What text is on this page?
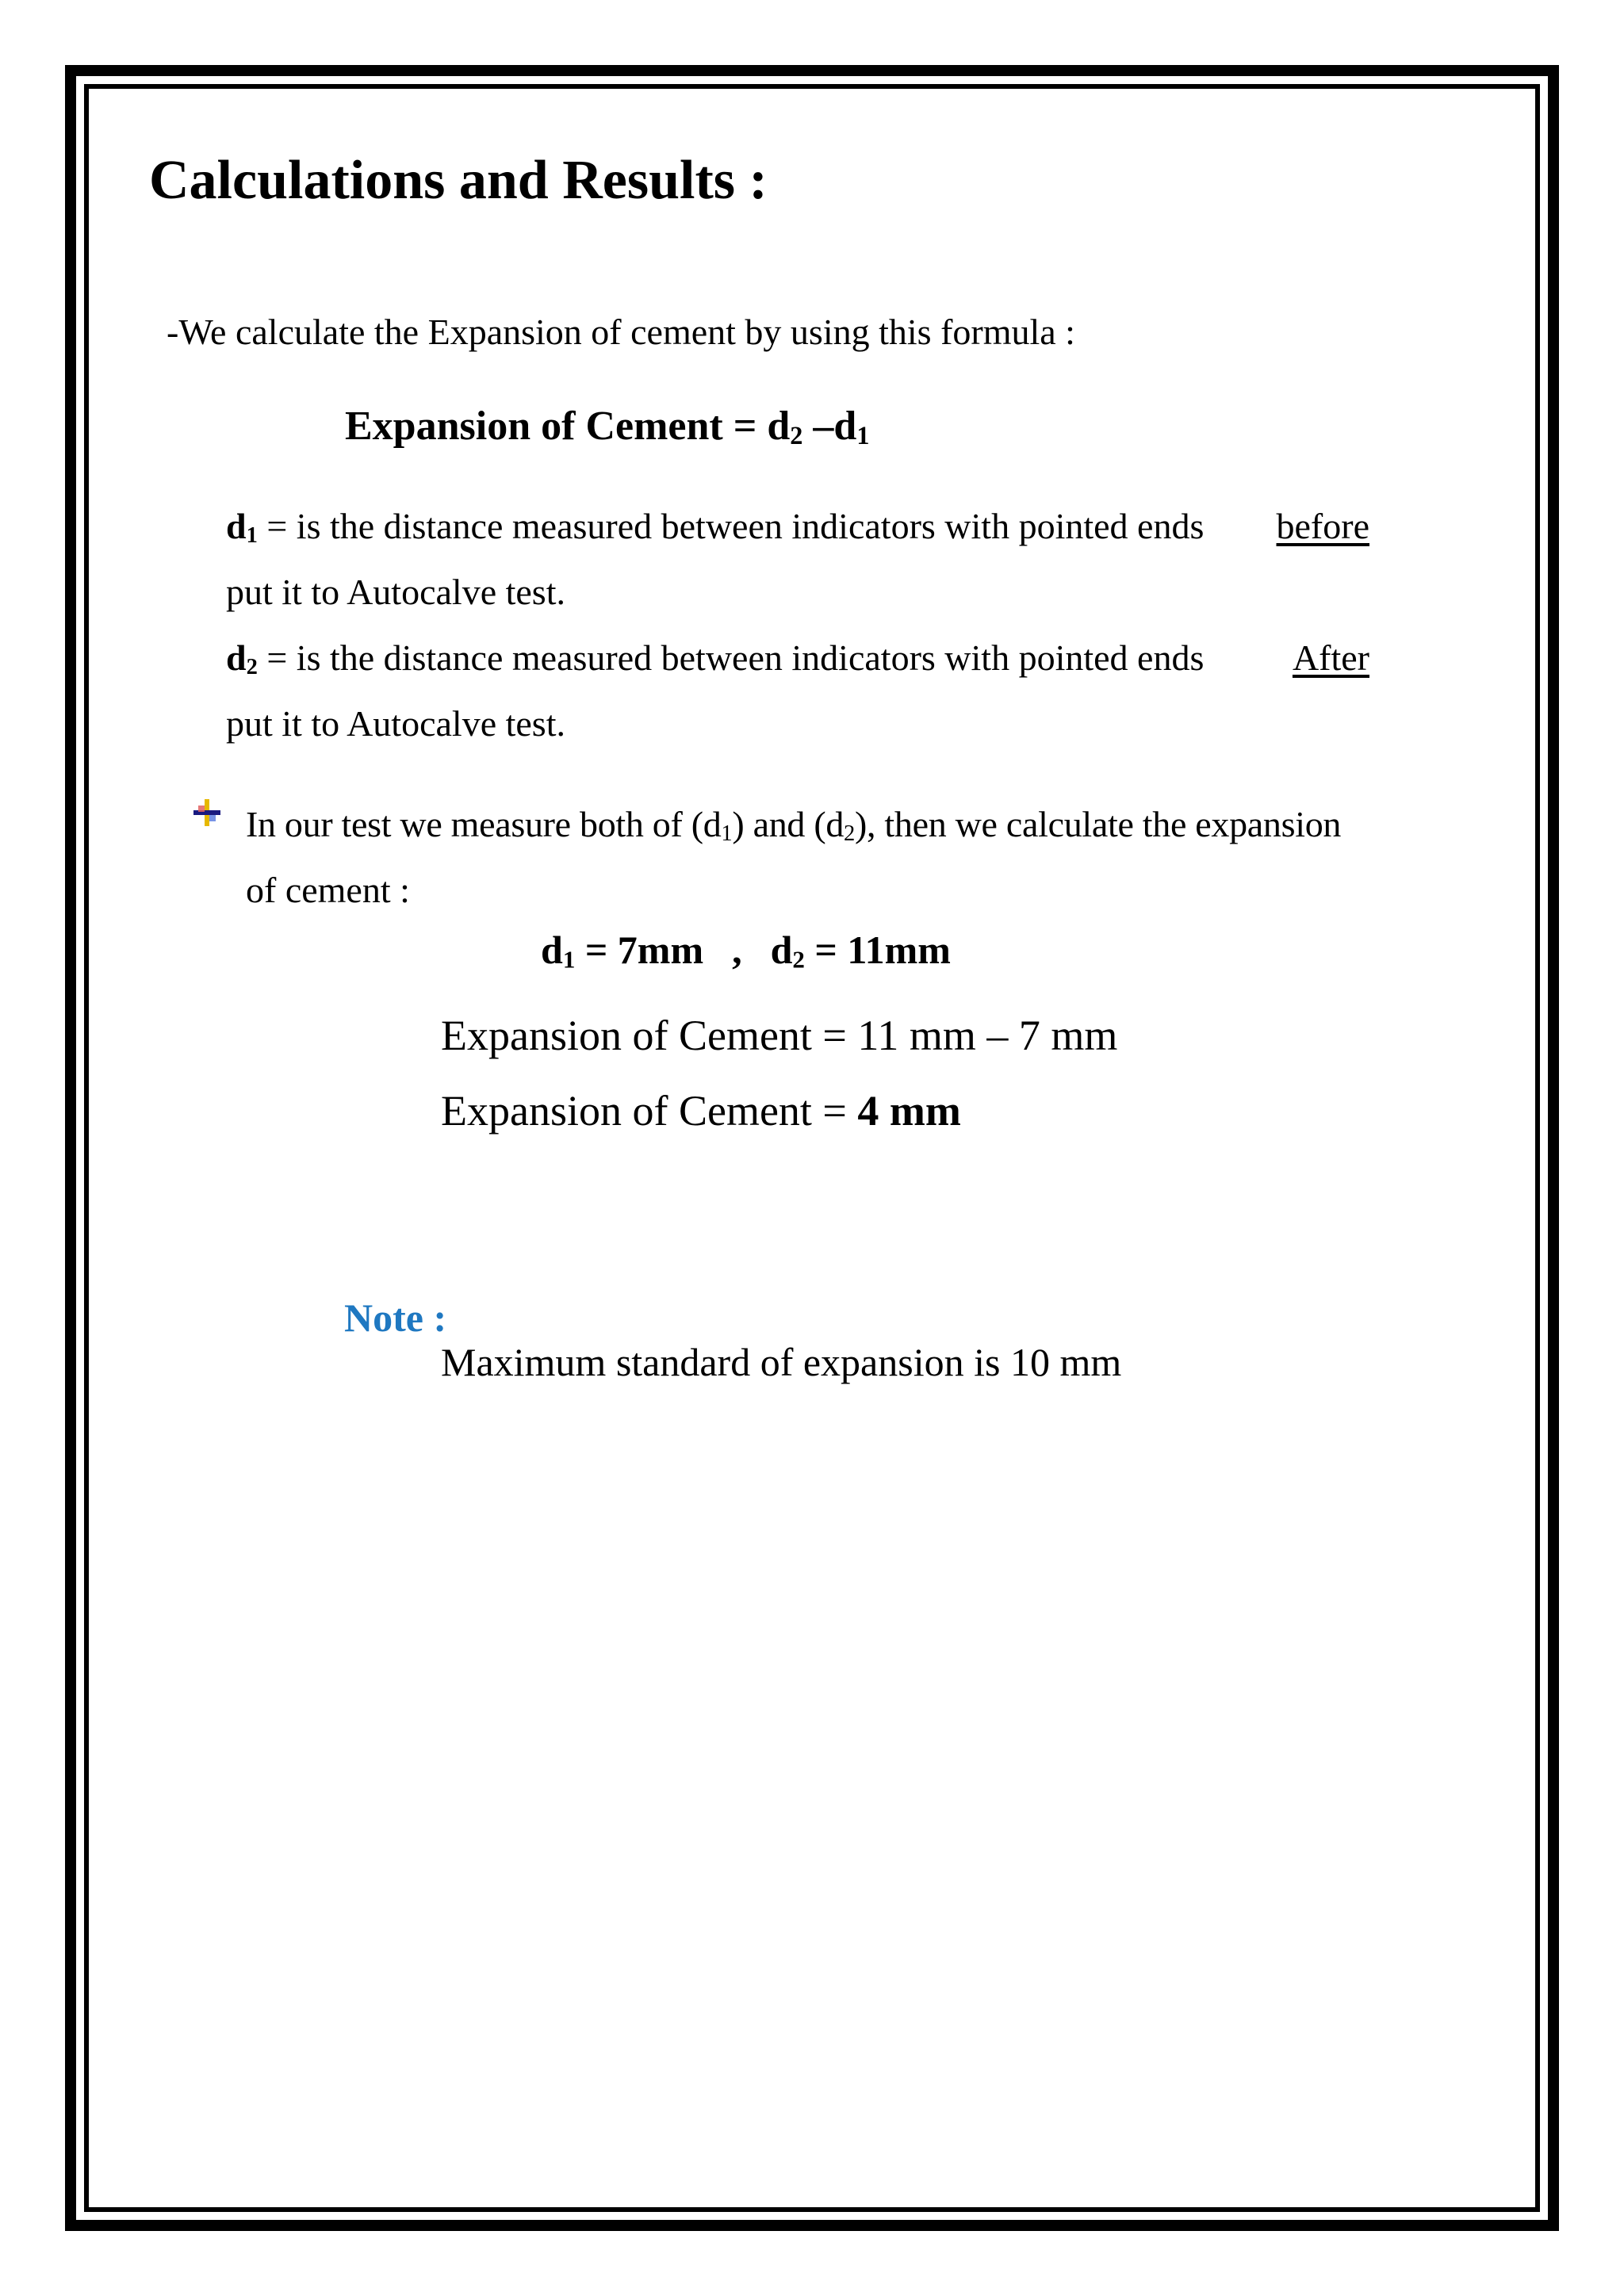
Calculations and Results :
-We calculate the Expansion of cement by using this formula :
Expansion of Cement = $d_2$ $-d_1$
$d_1$ = is the distance measured between indicators with pointed ends before
put it to Autocalve test.
$d_2$ = is the distance measured between indicators with pointed ends After
put it to Autocalve test.
In our test we measure both of $(d_1)$ and $(d_2)$, then we calculate the expansion
of cement :
$d_1 = 7mm$ , $d_2 = 11mm$
Expansion of Cement = 11 mm – 7 mm
Expansion of Cement = 4 mm
Note :
Maximum standard of expansion is 10 mm
